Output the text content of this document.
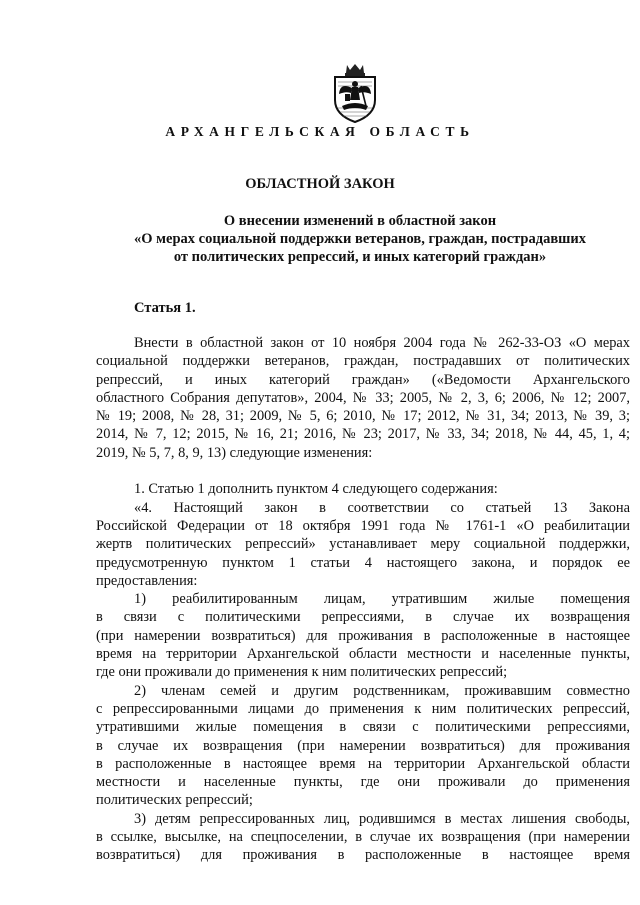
АРХАНГЕЛЬСКАЯ ОБЛАСТЬ
ОБЛАСТНОЙ ЗАКОН
О внесении изменений в областной закон
«О мерах социальной поддержки ветеранов, граждан, пострадавших
от политических репрессий, и иных категорий граждан»
Статья 1.
Внести в областной закон от 10 ноября 2004 года № 262-33-ОЗ «О мерах
социальной поддержки ветеранов, граждан, пострадавших от политических
репрессий, и иных категорий граждан» («Ведомости Архангельского
областного Собрания депутатов», 2004, № 33; 2005, № 2, 3, 6; 2006, № 12; 2007,
№ 19; 2008, № 28, 31; 2009, № 5, 6; 2010, № 17; 2012, № 31, 34; 2013, № 39, 3;
2014, № 7, 12; 2015, № 16, 21; 2016, № 23; 2017, № 33, 34; 2018, № 44, 45, 1, 4;
2019, № 5, 7, 8, 9, 13) следующие изменения:
1. Статью 1 дополнить пунктом 4 следующего содержания:
«4. Настоящий закон в соответствии со статьей 13 Закона
Российской Федерации от 18 октября 1991 года № 1761-1 «О реабилитации
жертв политических репрессий» устанавливает меру социальной поддержки,
предусмотренную пунктом 1 статьи 4 настоящего закона, и порядок ее
предоставления:
1) реабилитированным лицам, утратившим жилые помещения
в связи с политическими репрессиями, в случае их возвращения
(при намерении возвратиться) для проживания в расположенные в настоящее
время на территории Архангельской области местности и населенные пункты,
где они проживали до применения к ним политических репрессий;
2) членам семей и другим родственникам, проживавшим совместно
с репрессированными лицами до применения к ним политических репрессий,
утратившими жилые помещения в связи с политическими репрессиями,
в случае их возвращения (при намерении возвратиться) для проживания
в расположенные в настоящее время на территории Архангельской области
местности и населенные пункты, где они проживали до применения
политических репрессий;
3) детям репрессированных лиц, родившимся в местах лишения свободы,
в ссылке, высылке, на спецпоселении, в случае их возвращения (при намерении
возвратиться) для проживания в расположенные в настоящее время
